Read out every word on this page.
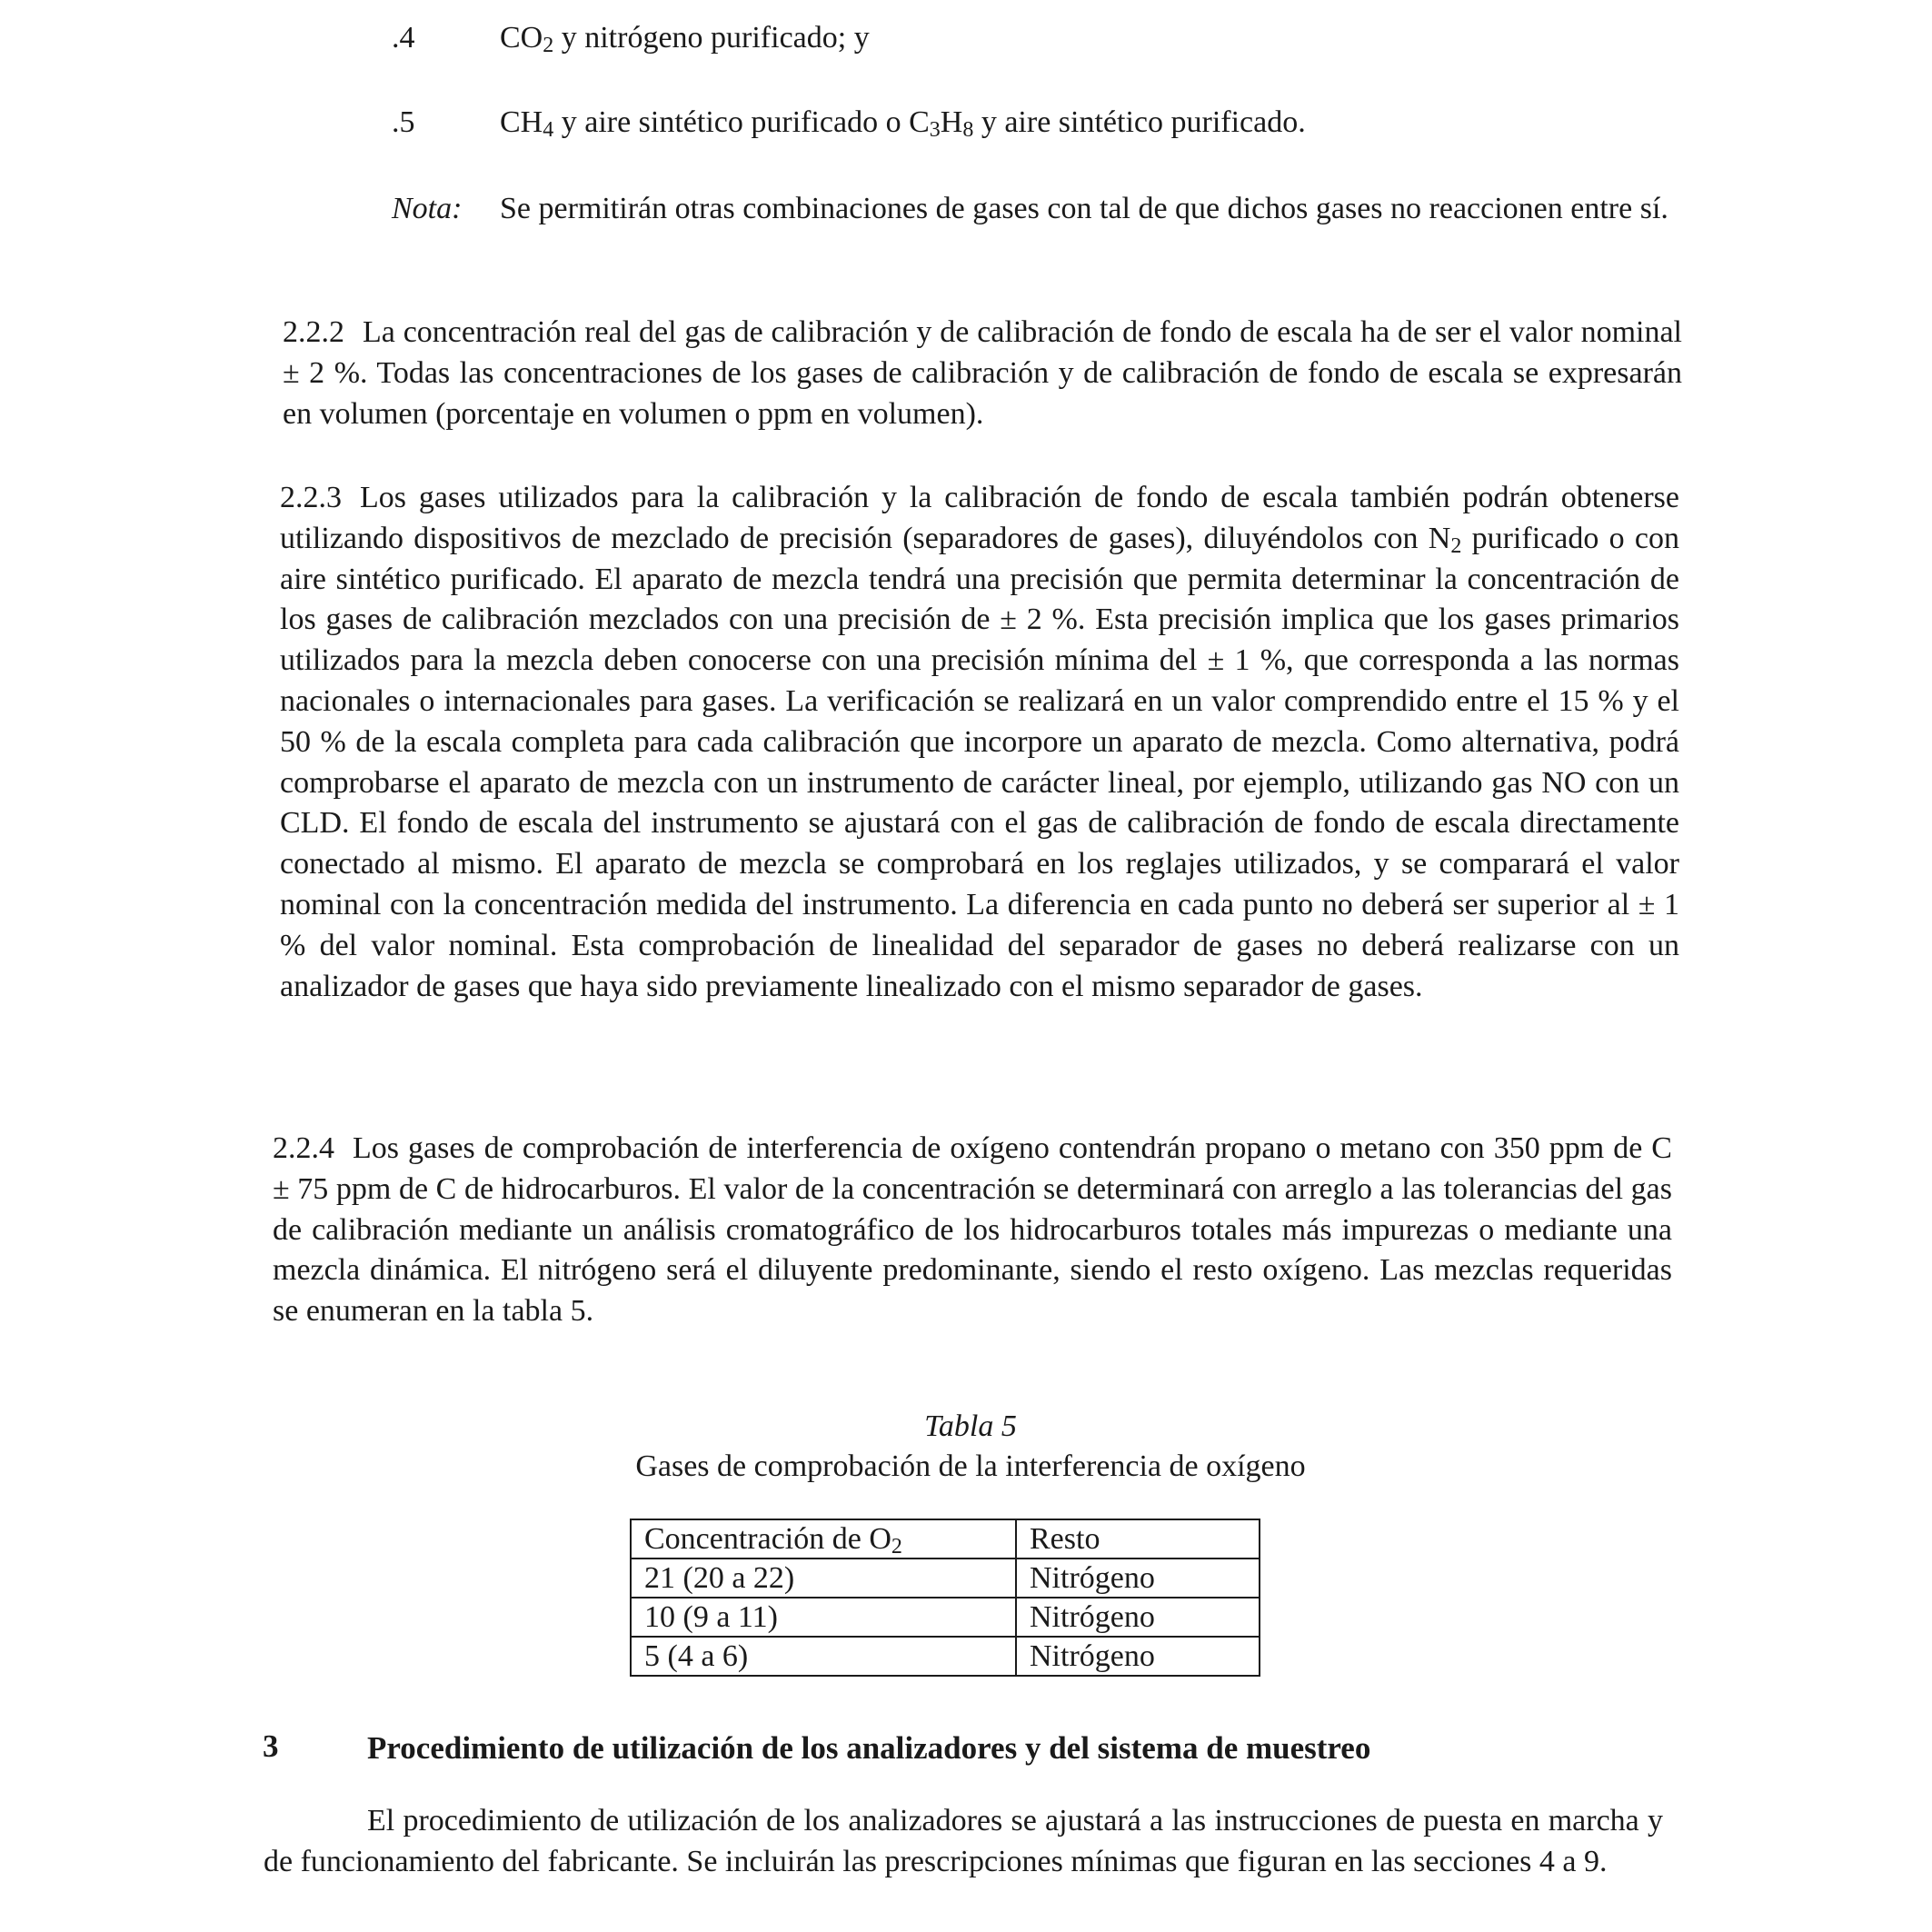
.4	$CO_2$ y nitrógeno purificado; y
.5	$CH_4$ y aire sintético purificado o $C_3H_8$ y aire sintético purificado.
Nota: Se permitirán otras combinaciones de gases con tal de que dichos gases no reaccionen entre sí.
2.2.2 La concentración real del gas de calibración y de calibración de fondo de escala ha de ser el valor nominal ± 2 %. Todas las concentraciones de los gases de calibración y de calibración de fondo de escala se expresarán en volumen (porcentaje en volumen o ppm en volumen).
2.2.3 Los gases utilizados para la calibración y la calibración de fondo de escala también podrán obtenerse utilizando dispositivos de mezclado de precisión (separadores de gases), diluyéndolos con $N_2$ purificado o con aire sintético purificado. El aparato de mezcla tendrá una precisión que permita determinar la concentración de los gases de calibración mezclados con una precisión de ± 2 %. Esta precisión implica que los gases primarios utilizados para la mezcla deben conocerse con una precisión mínima del ± 1 %, que corresponda a las normas nacionales o internacionales para gases. La verificación se realizará en un valor comprendido entre el 15 % y el 50 % de la escala completa para cada calibración que incorpore un aparato de mezcla. Como alternativa, podrá comprobarse el aparato de mezcla con un instrumento de carácter lineal, por ejemplo, utilizando gas NO con un CLD. El fondo de escala del instrumento se ajustará con el gas de calibración de fondo de escala directamente conectado al mismo. El aparato de mezcla se comprobará en los reglajes utilizados, y se comparará el valor nominal con la concentración medida del instrumento. La diferencia en cada punto no deberá ser superior al ± 1 % del valor nominal. Esta comprobación de linealidad del separador de gases no deberá realizarse con un analizador de gases que haya sido previamente linealizado con el mismo separador de gases.
2.2.4 Los gases de comprobación de interferencia de oxígeno contendrán propano o metano con 350 ppm de C ± 75 ppm de C de hidrocarburos. El valor de la concentración se determinará con arreglo a las tolerancias del gas de calibración mediante un análisis cromatográfico de los hidrocarburos totales más impurezas o mediante una mezcla dinámica. El nitrógeno será el diluyente predominante, siendo el resto oxígeno. Las mezclas requeridas se enumeran en la tabla 5.
Tabla 5
Gases de comprobación de la interferencia de oxígeno
Concentración de $O_2$	Resto
21 (20 a 22)	Nitrógeno
10 (9 a 11)	Nitrógeno
5 (4 a 6)	Nitrógeno
3	Procedimiento de utilización de los analizadores y del sistema de muestreo
El procedimiento de utilización de los analizadores se ajustará a las instrucciones de puesta en marcha y de funcionamiento del fabricante. Se incluirán las prescripciones mínimas que figuran en las secciones 4 a 9.
